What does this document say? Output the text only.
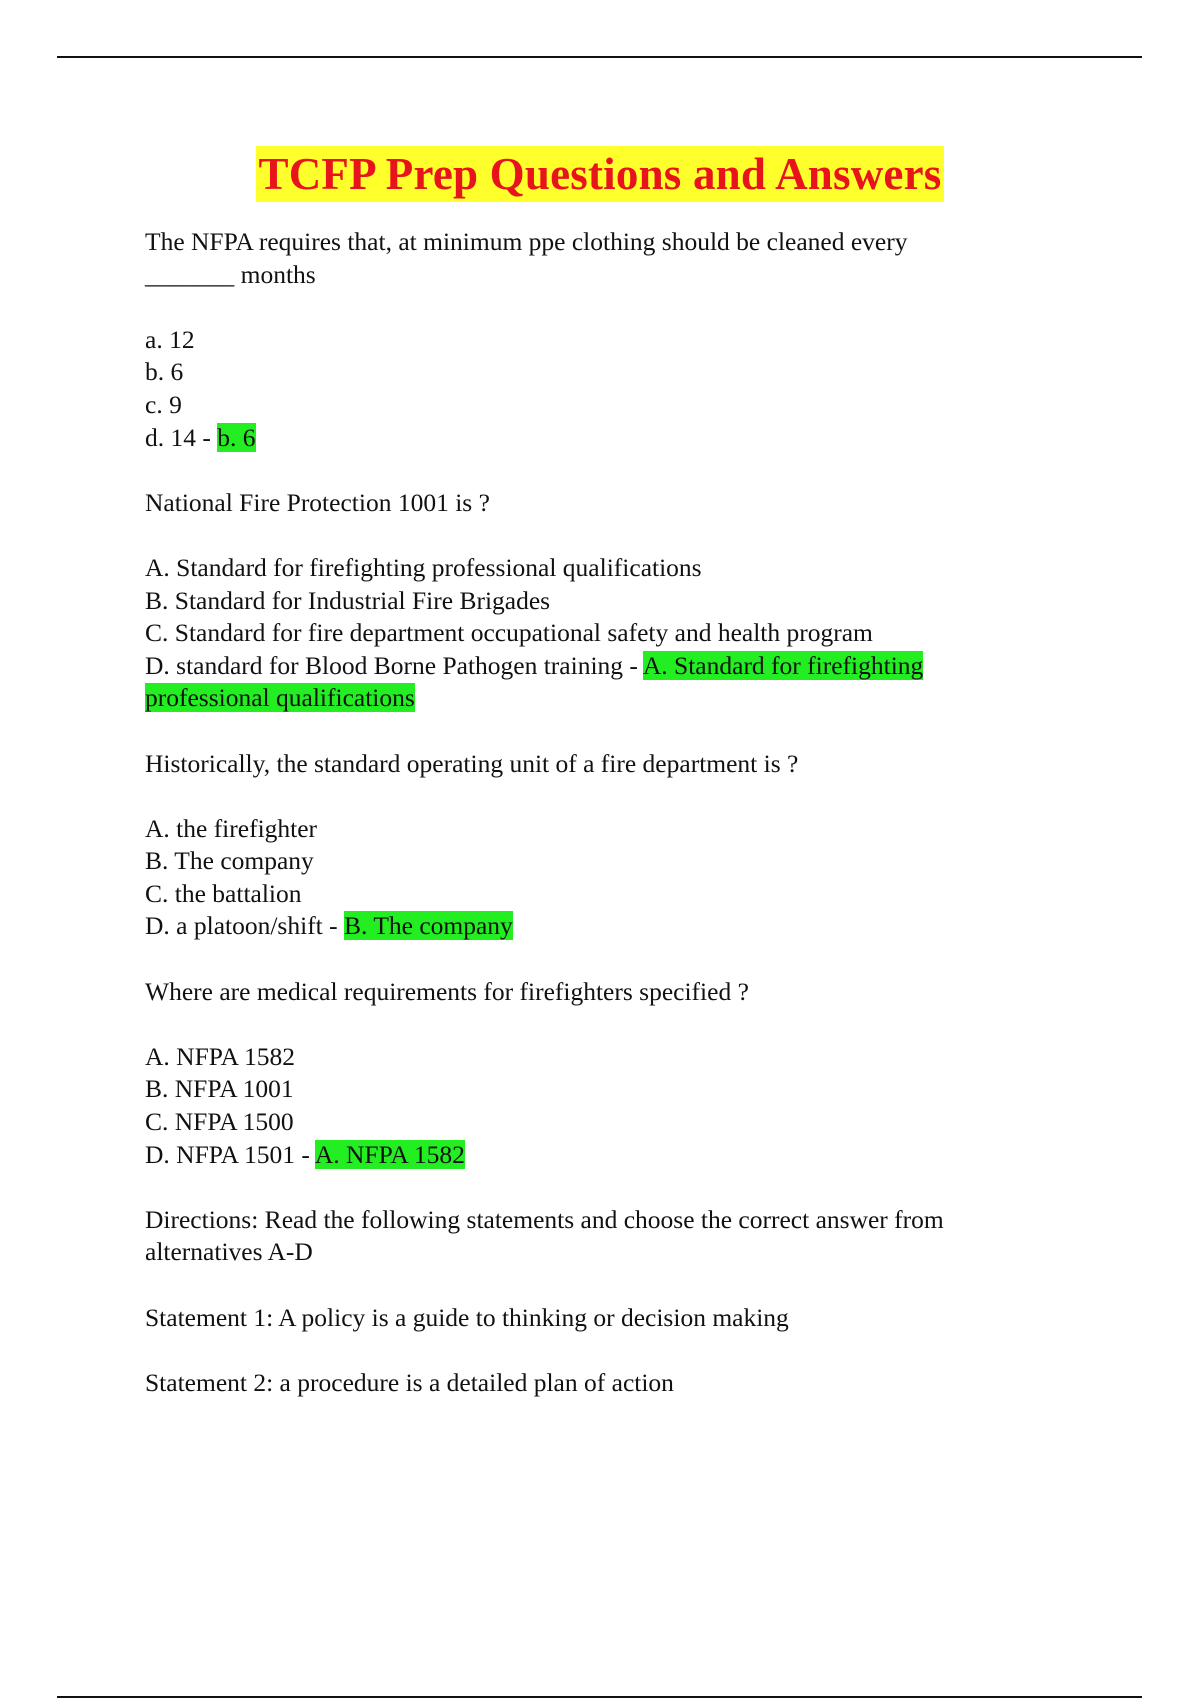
TCFP Prep Questions and Answers
The NFPA requires that, at minimum ppe clothing should be cleaned every
_______ months
a. 12
b. 6
c. 9
d. 14 - b. 6
National Fire Protection 1001 is ?
A. Standard for firefighting professional qualifications
B. Standard for Industrial Fire Brigades
C. Standard for fire department occupational safety and health program
D. standard for Blood Borne Pathogen training - A. Standard for firefighting
professional qualifications
Historically, the standard operating unit of a fire department is ?
A. the firefighter
B. The company
C. the battalion
D. a platoon/shift - B. The company
Where are medical requirements for firefighters specified ?
A. NFPA 1582
B. NFPA 1001
C. NFPA 1500
D. NFPA 1501 - A. NFPA 1582
Directions: Read the following statements and choose the correct answer from
alternatives A-D
Statement 1: A policy is a guide to thinking or decision making
Statement 2: a procedure is a detailed plan of action
